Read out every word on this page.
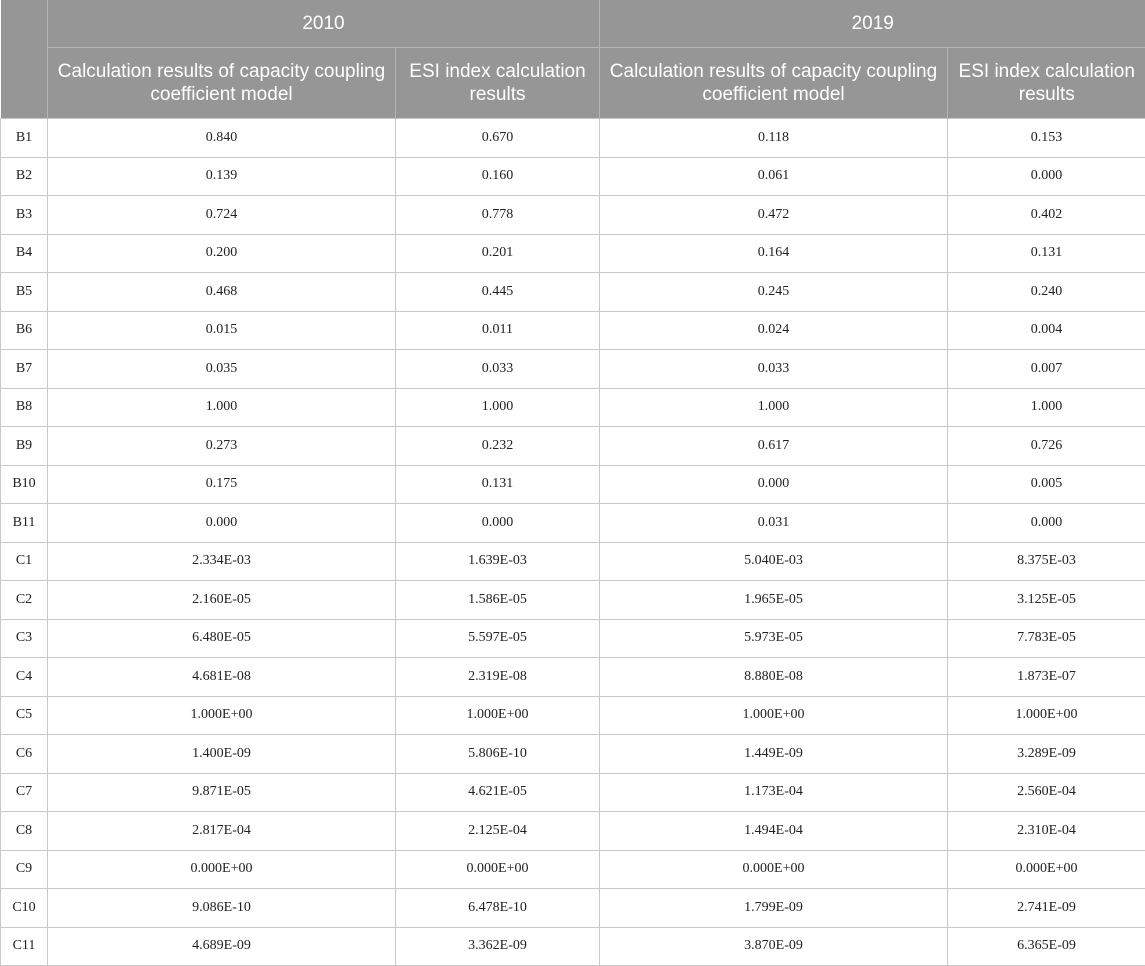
	2010		2019	
	Calculation results of capacity coupling coefficient model	ESI index calculation results	Calculation results of capacity coupling coefficient model	ESI index calculation results
B1	0.840	0.670	0.118	0.153
B2	0.139	0.160	0.061	0.000
B3	0.724	0.778	0.472	0.402
B4	0.200	0.201	0.164	0.131
B5	0.468	0.445	0.245	0.240
B6	0.015	0.011	0.024	0.004
B7	0.035	0.033	0.033	0.007
B8	1.000	1.000	1.000	1.000
B9	0.273	0.232	0.617	0.726
B10	0.175	0.131	0.000	0.005
B11	0.000	0.000	0.031	0.000
C1	2.334E-03	1.639E-03	5.040E-03	8.375E-03
C2	2.160E-05	1.586E-05	1.965E-05	3.125E-05
C3	6.480E-05	5.597E-05	5.973E-05	7.783E-05
C4	4.681E-08	2.319E-08	8.880E-08	1.873E-07
C5	1.000E+00	1.000E+00	1.000E+00	1.000E+00
C6	1.400E-09	5.806E-10	1.449E-09	3.289E-09
C7	9.871E-05	4.621E-05	1.173E-04	2.560E-04
C8	2.817E-04	2.125E-04	1.494E-04	2.310E-04
C9	0.000E+00	0.000E+00	0.000E+00	0.000E+00
C10	9.086E-10	6.478E-10	1.799E-09	2.741E-09
C11	4.689E-09	3.362E-09	3.870E-09	6.365E-09
